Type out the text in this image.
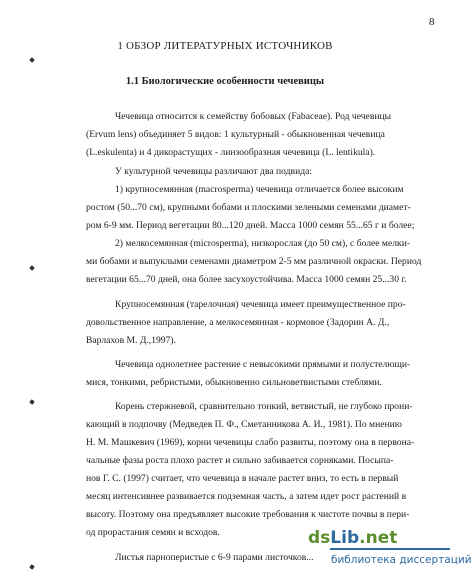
8
1 ОБЗОР ЛИТЕРАТУРНЫХ ИСТОЧНИКОВ
1.1 Биологические особенности чечевицы
Чечевица относится к семейству бобовых (Fabaceae). Род чечевицы
(Ervum lens) объединяет 5 видов: 1 культурный - обыкновенная чечевица
(L.eskulenta) и 4 дикорастущих - линзообразная чечевица (L. lentikula).
У культурной чечевицы различают два подвида:
1) крупносемянная (macrosperma) чечевица отличается более высоким
ростом (50...70 см), крупными бобами и плоскими зелеными семенами диамет-
ром 6-9 мм. Период вегетации 80...120 дней. Масса 1000 семян 55...65 г и более;
2) мелкосемянная (microsperma), низкорослая (до 50 см), с более мелки-
ми бобами и выпуклыми семенами диаметром 2-5 мм различной окраски. Период
вегетации 65...70 дней, она более засухоустойчива. Масса 1000 семян 25...30 г.
Крупносемянная (тарелочная) чечевица имеет преимущественное про-
довольственное направление, а мелкосемянная - кормовое (Задорин А. Д.,
Варлахов М. Д.,1997).
Чечевица однолетнее растение с невысокими прямыми и полустелющи-
мися, тонкими, ребристыми, обыкновенно сильноветвистыми стеблями.
Корень стержневой, сравнительно тонкий, ветвистый, не глубоко прони-
кающий в подпочву (Медведев П. Ф., Сметанникова А. И., 1981). По мнению
Н. М. Машкевич (1969), корни чечевицы слабо развиты, поэтому она в первона-
чальные фазы роста плохо растет и сильно забивается сорняками. Посыпа-
нов Г. С. (1997) считает, что чечевица в начале растет вниз, то есть в первый
месяц интенсивнее развивается подземная часть, а затем идет рост растений в
высоту. Поэтому она предъявляет высокие требования к чистоте почвы в пери-
од прорастания семян и всходов.
Листья парноперистые с 6-9 парами листочков...
dsLib.net
библиотека диссертаций
